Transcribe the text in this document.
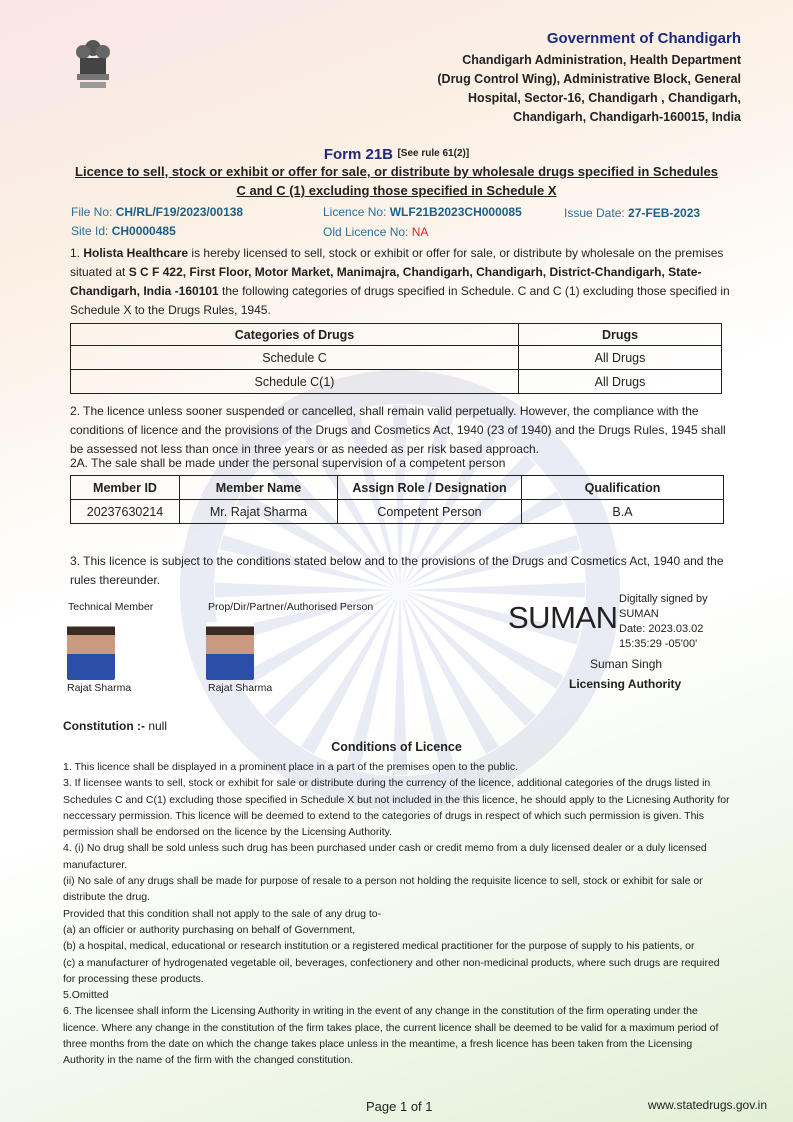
Government of Chandigarh
Chandigarh Administration, Health Department
(Drug Control Wing), Administrative Block, General
Hospital, Sector-16, Chandigarh , Chandigarh,
Chandigarh, Chandigarh-160015, India
Form 21B [See rule 61(2)]
Licence to sell, stock or exhibit or offer for sale, or distribute by wholesale drugs specified in Schedules
C and C (1) excluding those specified in Schedule X
File No: CH/RL/F19/2023/00138	Licence No: WLF21B2023CH000085	Issue Date: 27-FEB-2023
Site Id: CH0000485	Old Licence No: NA
1. Holista Healthcare is hereby licensed to sell, stock or exhibit or offer for sale, or distribute by wholesale on the premises situated at S C F 422, First Floor, Motor Market, Manimajra, Chandigarh, Chandigarh, District-Chandigarh, State-Chandigarh, India -160101 the following categories of drugs specified in Schedule. C and C (1) excluding those specified in Schedule X to the Drugs Rules, 1945.
Categories of Drugs	Drugs
Schedule C	All Drugs
Schedule C(1)	All Drugs
2. The licence unless sooner suspended or cancelled, shall remain valid perpetually. However, the compliance with the conditions of licence and the provisions of the Drugs and Cosmetics Act, 1940 (23 of 1940) and the Drugs Rules, 1945 shall be assessed not less than once in three years or as needed as per risk based approach.
2A. The sale shall be made under the personal supervision of a competent person
Member ID	Member Name	Assign Role / Designation	Qualification
20237630214	Mr. Rajat Sharma	Competent Person	B.A
3. This licence is subject to the conditions stated below and to the provisions of the Drugs and Cosmetics Act, 1940 and the rules thereunder.
Technical Member
Rajat Sharma
Prop/Dir/Partner/Authorised Person
Rajat Sharma
SUMAN
Digitally signed by
SUMAN
Date: 2023.03.02
15:35:29 -05'00'
Suman Singh
Licensing Authority
Constitution :- null
Conditions of Licence
1. This licence shall be displayed in a prominent place in a part of the premises open to the public.
3. If licensee wants to sell, stock or exhibit for sale or distribute during the currency of the licence, additional categories of the drugs listed in Schedules C and C(1) excluding those specified in Schedule X but not included in the this licence, he should apply to the Licnesing Authority for neccessary permission. This licence will be deemed to extend to the categories of drugs in respect of which such permission is given. This permission shall be endorsed on the licence by the Licensing Authority.
4. (i) No drug shall be sold unless such drug has been purchased under cash or credit memo from a duly licensed dealer or a duly licensed manufacturer.
(ii) No sale of any drugs shall be made for purpose of resale to a person not holding the requisite licence to sell, stock or exhibit for sale or distribute the drug.
Provided that this condition shall not apply to the sale of any drug to-
(a) an officier or authority purchasing on behalf of Government,
(b) a hospital, medical, educational or research institution or a registered medical practitioner for the purpose of supply to his patients, or
(c) a manufacturer of hydrogenated vegetable oil, beverages, confectionery and other non-medicinal products, where such drugs are required for processing these products.
5.Omitted
6. The licensee shall inform the Licensing Authority in writing in the event of any change in the constitution of the firm operating under the licence. Where any change in the constitution of the firm takes place, the current licence shall be deemed to be valid for a maximum period of three months from the date on which the change takes place unless in the meantime, a fresh licence has been taken from the Licensing Authority in the name of the firm with the changed constitution.
Page 1 of 1	www.statedrugs.gov.in
